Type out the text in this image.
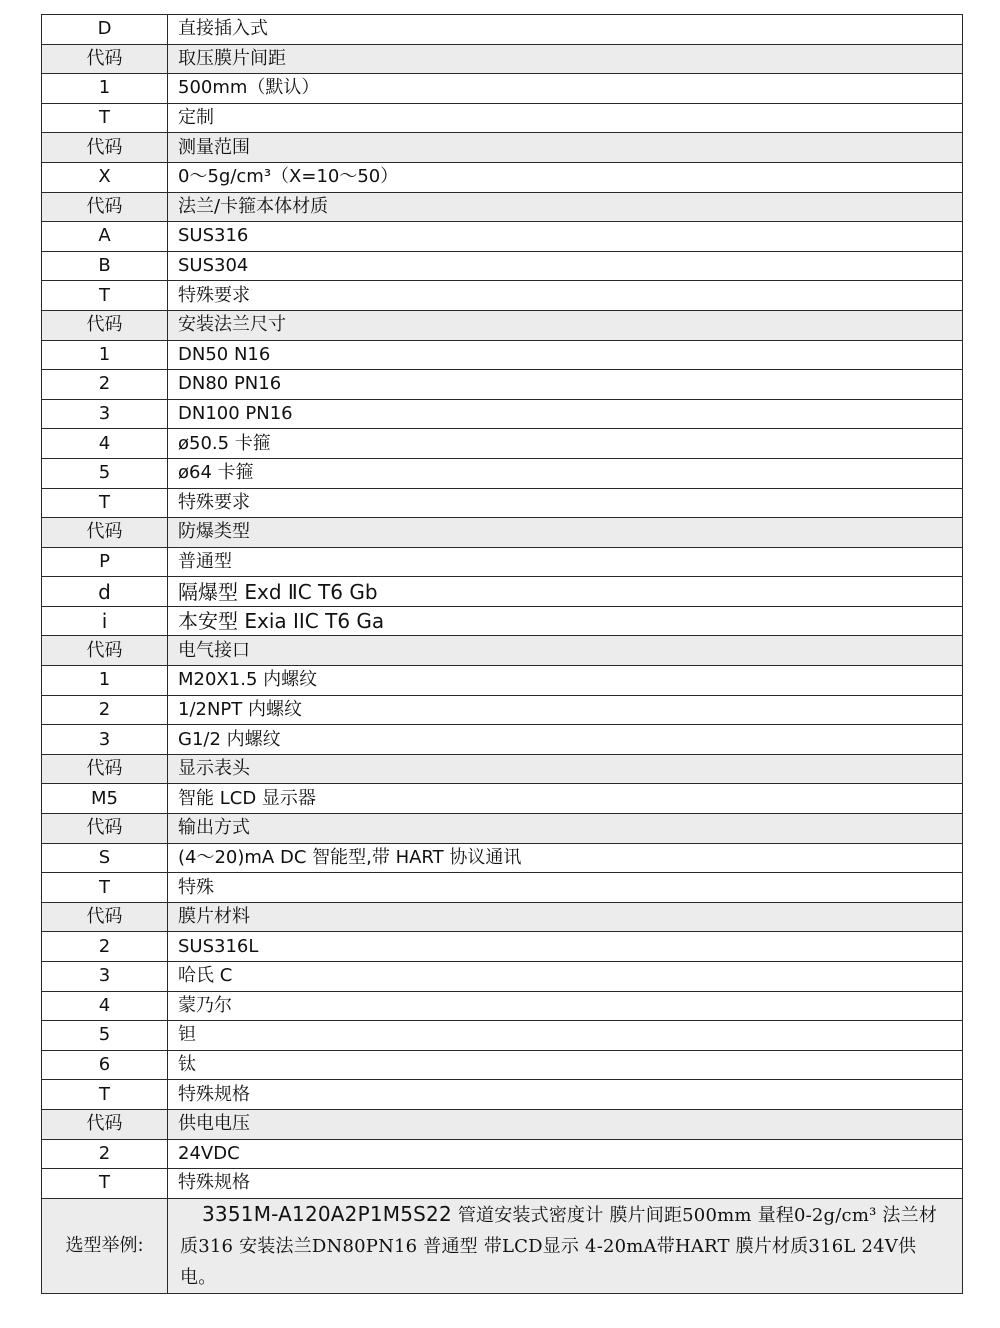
D	直接插入式
代码	取压膜片间距
1	500mm（默认）
T	定制
代码	测量范围
X	0～5g/cm³（X=10～50）
代码	法兰/卡箍本体材质
A	SUS316
B	SUS304
T	特殊要求
代码	安装法兰尺寸
1	DN50 N16
2	DN80 PN16
3	DN100 PN16
4	ø50.5 卡箍
5	ø64 卡箍
T	特殊要求
代码	防爆类型
P	普通型
d	隔爆型 Exd ⅡC T6 Gb
i	本安型 Exia IIC T6 Ga
代码	电气接口
1	M20X1.5 内螺纹
2	1/2NPT 内螺纹
3	G1/2 内螺纹
代码	显示表头
M5	智能 LCD 显示器
代码	输出方式
S	(4～20)mA DC 智能型,带 HART 协议通讯
T	特殊
代码	膜片材料
2	SUS316L
3	哈氏 C
4	蒙乃尔
5	钽
6	钛
T	特殊规格
代码	供电电压
2	24VDC
T	特殊规格
选型举例:	3351M-A120A2P1M5S22 管道安装式密度计 膜片间距500mm 量程0-2g/cm³ 法兰材质316 安装法兰DN80PN16 普通型 带LCD显示 4-20mA带HART 膜片材质316L 24V供电。
